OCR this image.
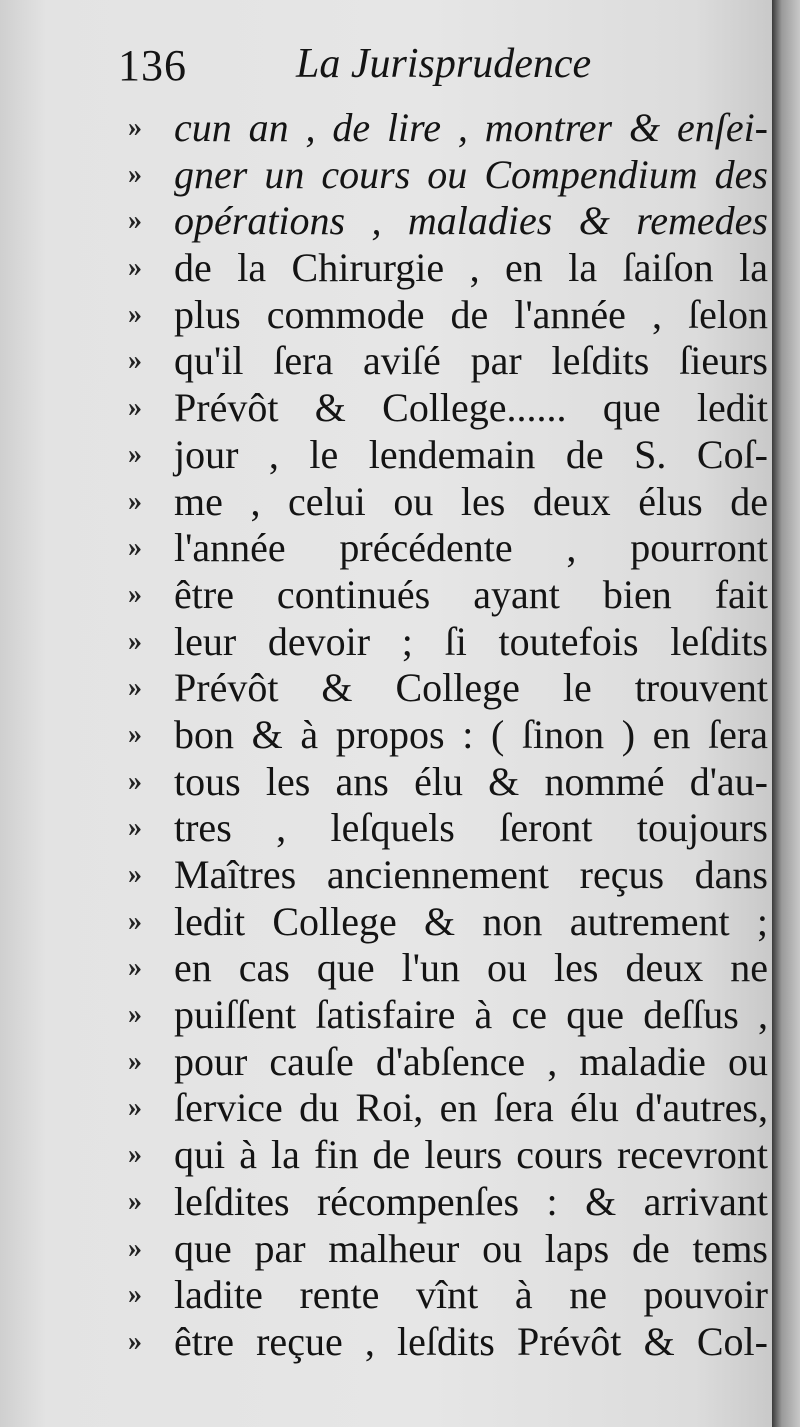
136	La Jurisprudence
» cun an , de lire , montrer & enſei-
» gner un cours ou Compendium des
» opérations , maladies & remedes
» de la Chirurgie , en la ſaiſon la
» plus commode de l'année , ſelon
» qu'il ſera aviſé par leſdits ſieurs
» Prévôt & College...... que ledit
» jour , le lendemain de S. Coſ-
» me , celui ou les deux élus de
» l'année précédente , pourront
» être continués ayant bien fait
» leur devoir ; ſi toutefois leſdits
» Prévôt & College le trouvent
» bon & à propos : ( ſinon ) en ſera
» tous les ans élu & nommé d'au-
» tres , leſquels ſeront toujours
» Maîtres anciennement reçus dans
» ledit College & non autrement ;
» en cas que l'un ou les deux ne
» puiſſent ſatisfaire à ce que deſſus ,
» pour cauſe d'abſence , maladie ou
» ſervice du Roi, en ſera élu d'autres,
» qui à la fin de leurs cours recevront
» leſdites récompenſes : & arrivant
» que par malheur ou laps de tems
» ladite rente vînt à ne pouvoir
» être reçue , leſdits Prévôt & Col-
